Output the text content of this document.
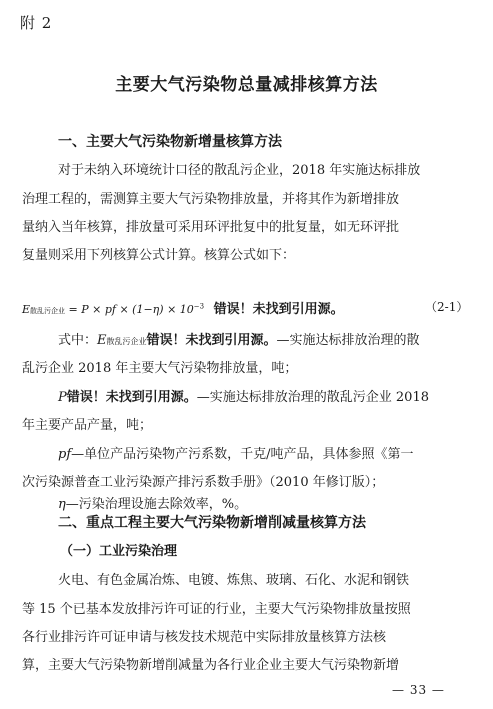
附 2
主要大气污染物总量减排核算方法
一、主要大气污染物新增量核算方法
对于未纳入环境统计口径的散乱污企业，2018 年实施达标排放
治理工程的，需测算主要大气污染物排放量，并将其作为新增排放
量纳入当年核算，排放量可采用环评批复中的批复量，如无环评批
复量则采用下列核算公式计算。核算公式如下：
E散乱污企业 = P × pf × $(1-\eta) \times 10^{-3}$ 错误！未找到引用源。	（2-1）
式中：E散乱污企业错误！未找到引用源。—实施达标排放治理的散
乱污企业 2018 年主要大气污染物排放量，吨；
P错误！未找到引用源。—实施达标排放治理的散乱污企业 2018
年主要产品产量，吨；
pf—单位产品污染物产污系数，千克/吨产品，具体参照《第一
次污染源普查工业污染源产排污系数手册》（2010 年修订版）；
二、重点工程主要大气污染物新增削减量核算方法
η—污染治理设施去除效率，%。
（一）工业污染治理
火电、有色金属冶炼、电镀、炼焦、玻璃、石化、水泥和钢铁
等 15 个已基本发放排污许可证的行业，主要大气污染物排放量按照
各行业排污许可证申请与核发技术规范中实际排放量核算方法核
算，主要大气污染物新增削减量为各行业企业主要大气污染物新增
— 33 —
